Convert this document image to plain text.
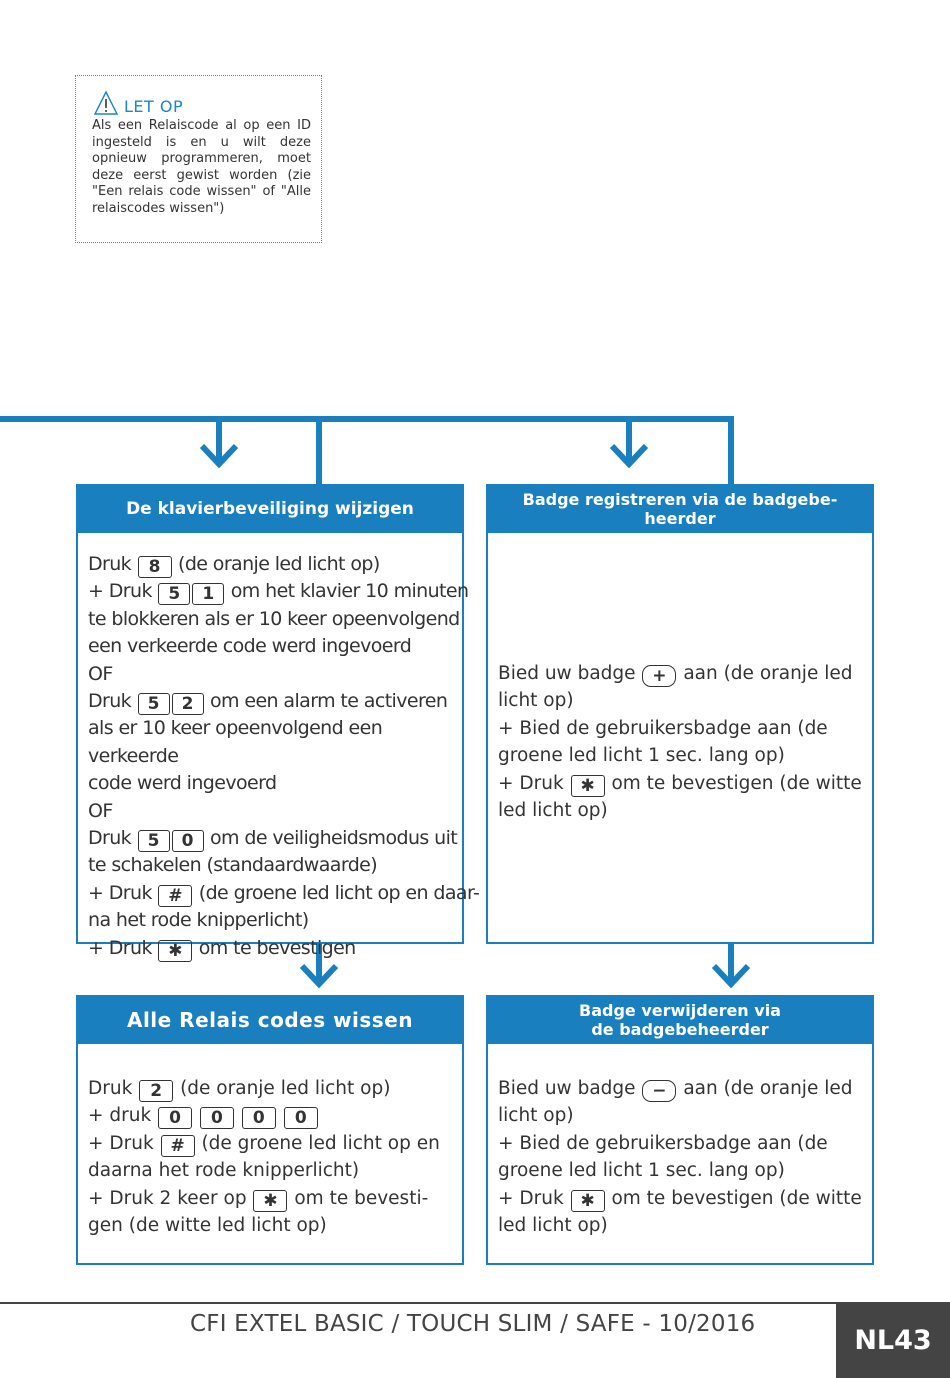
LET OP
Als een Relaiscode al op een ID ingesteld is en u wilt deze opnieuw programmeren, moet deze eerst gewist worden (zie "Een relais code wissen" of "Alle relaiscodes wissen")
De klavierbeveiliging wijzigen
Druk 8 (de oranje led licht op)
+ Druk 5 1 om het klavier 10 minuten
te blokkeren als er 10 keer opeenvolgend
een verkeerde code werd ingevoerd
OF
Druk 5 2 om een alarm te activeren
als er 10 keer opeenvolgend een verkeerde
code werd ingevoerd
OF
Druk 5 0 om de veiligheidsmodus uit
te schakelen (standaardwaarde)
+ Druk # (de groene led licht op en daar-
na het rode knipperlicht)
+ Druk ✱ om te bevestigen
Badge registreren via de badgebe-
heerder
Bied uw badge + aan (de oranje led
licht op)
+ Bied de gebruikersbadge aan (de
groene led licht 1 sec. lang op)
+ Druk ✱ om te bevestigen (de witte
led licht op)
Alle Relais codes wissen
Druk 2 (de oranje led licht op)
+ druk 0 0 0 0
+ Druk # (de groene led licht op en
daarna het rode knipperlicht)
+ Druk 2 keer op ✱ om te bevesti-
gen (de witte led licht op)
Badge verwijderen via
de badgebeheerder
Bied uw badge − aan (de oranje led
licht op)
+ Bied de gebruikersbadge aan (de
groene led licht 1 sec. lang op)
+ Druk ✱ om te bevestigen (de witte
led licht op)
CFI EXTEL BASIC / TOUCH SLIM / SAFE - 10/2016
NL43
